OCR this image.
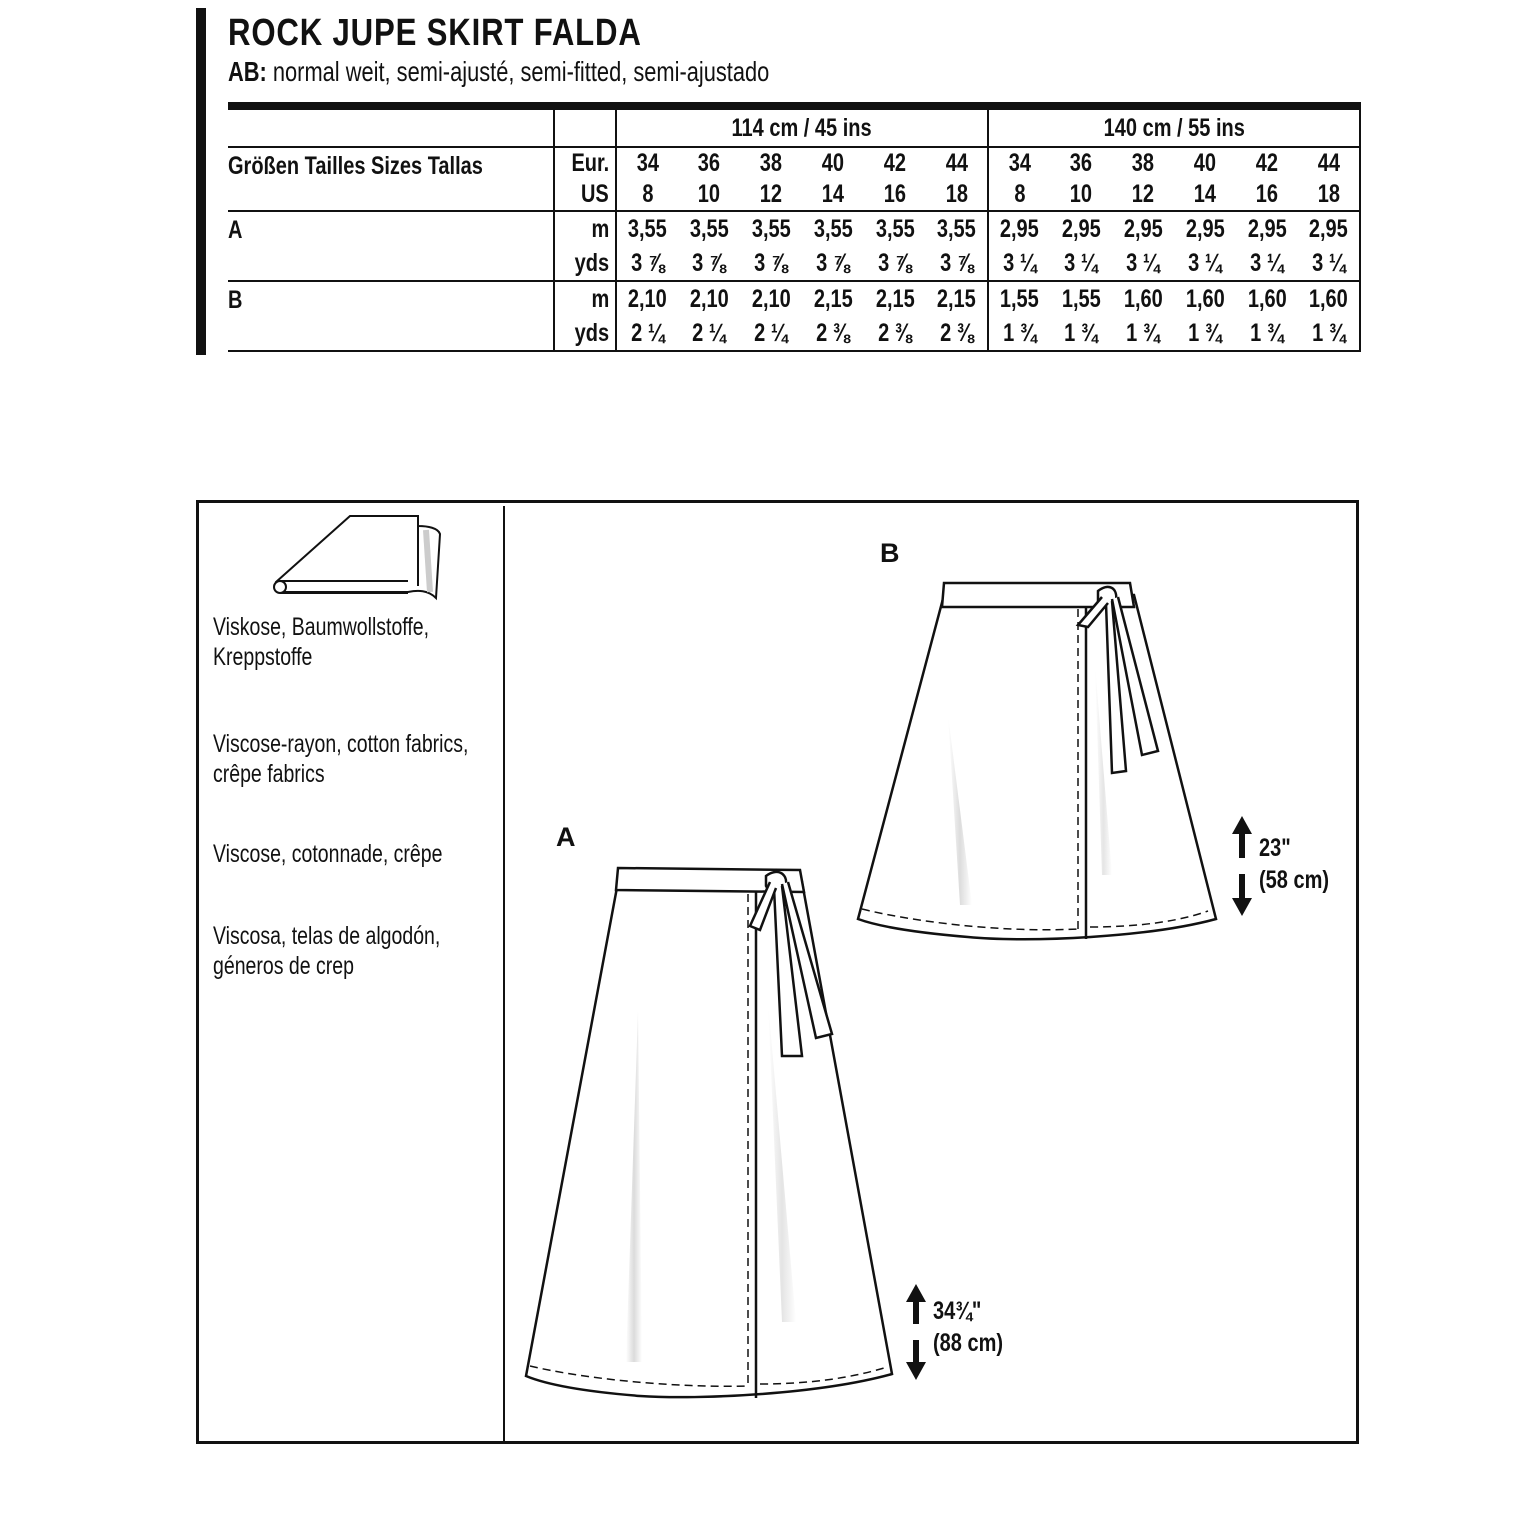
ROCK JUPE SKIRT FALDA
AB: normal weit, semi-ajusté, semi-fitted, semi-ajustado
		114 cm / 45 ins						140 cm / 55 ins					
Größen Tailles Sizes Tallas	Eur.	34	36	38	40	42	44	34	36	38	40	42	44
	US	8	10	12	14	16	18	8	10	12	14	16	18
A	m	3,55	3,55	3,55	3,55	3,55	3,55	2,95	2,95	2,95	2,95	2,95	2,95
	yds	3 ⅞	3 ⅞	3 ⅞	3 ⅞	3 ⅞	3 ⅞	3 ¼	3 ¼	3 ¼	3 ¼	3 ¼	3 ¼
B	m	2,10	2,10	2,10	2,15	2,15	2,15	1,55	1,55	1,60	1,60	1,60	1,60
	yds	2 ¼	2 ¼	2 ¼	2 ⅜	2 ⅜	2 ⅜	1 ¾	1 ¾	1 ¾	1 ¾	1 ¾	1 ¾
Viskose, Baumwollstoffe,
Kreppstoffe
Viscose-rayon, cotton fabrics,
crêpe fabrics
Viscose, cotonnade, crêpe
Viscosa, telas de algodón,
géneros de crep
B
A	23"
(58 cm)
34¾"
(88 cm)
